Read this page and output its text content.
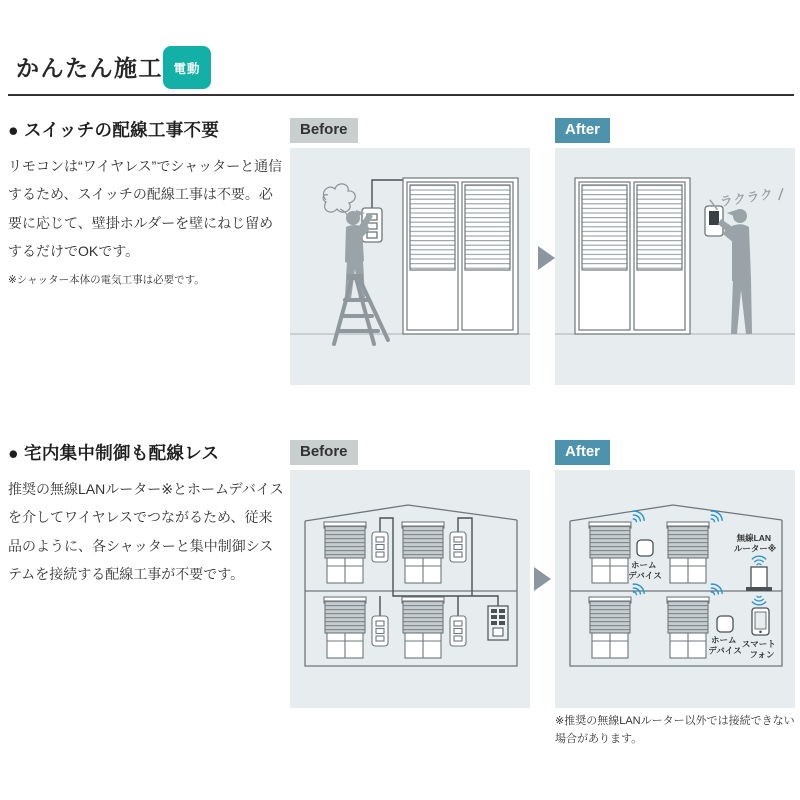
かんたん施工 電動
● スイッチの配線工事不要

リモコンは“ワイヤレス”でシャッターと通信するため、スイッチの配線工事は不要。必要に応じて、壁掛ホルダーを壁にねじ留めするだけでOKです。

※シャッター本体の電気工事は必要です。

Before	After
ラクラク
● 宅内集中制御も配線レス

推奨の無線LANルーター※とホームデバイスを介してワイヤレスでつながるため、従来品のように、各シャッターと集中制御システムを接続する配線工事が不要です。

Before	After
ホーム デバイス
無線LAN ルーター※
ホーム デバイス
スマート フォン

※推奨の無線LANルーター以外では接続できない場合があります。
